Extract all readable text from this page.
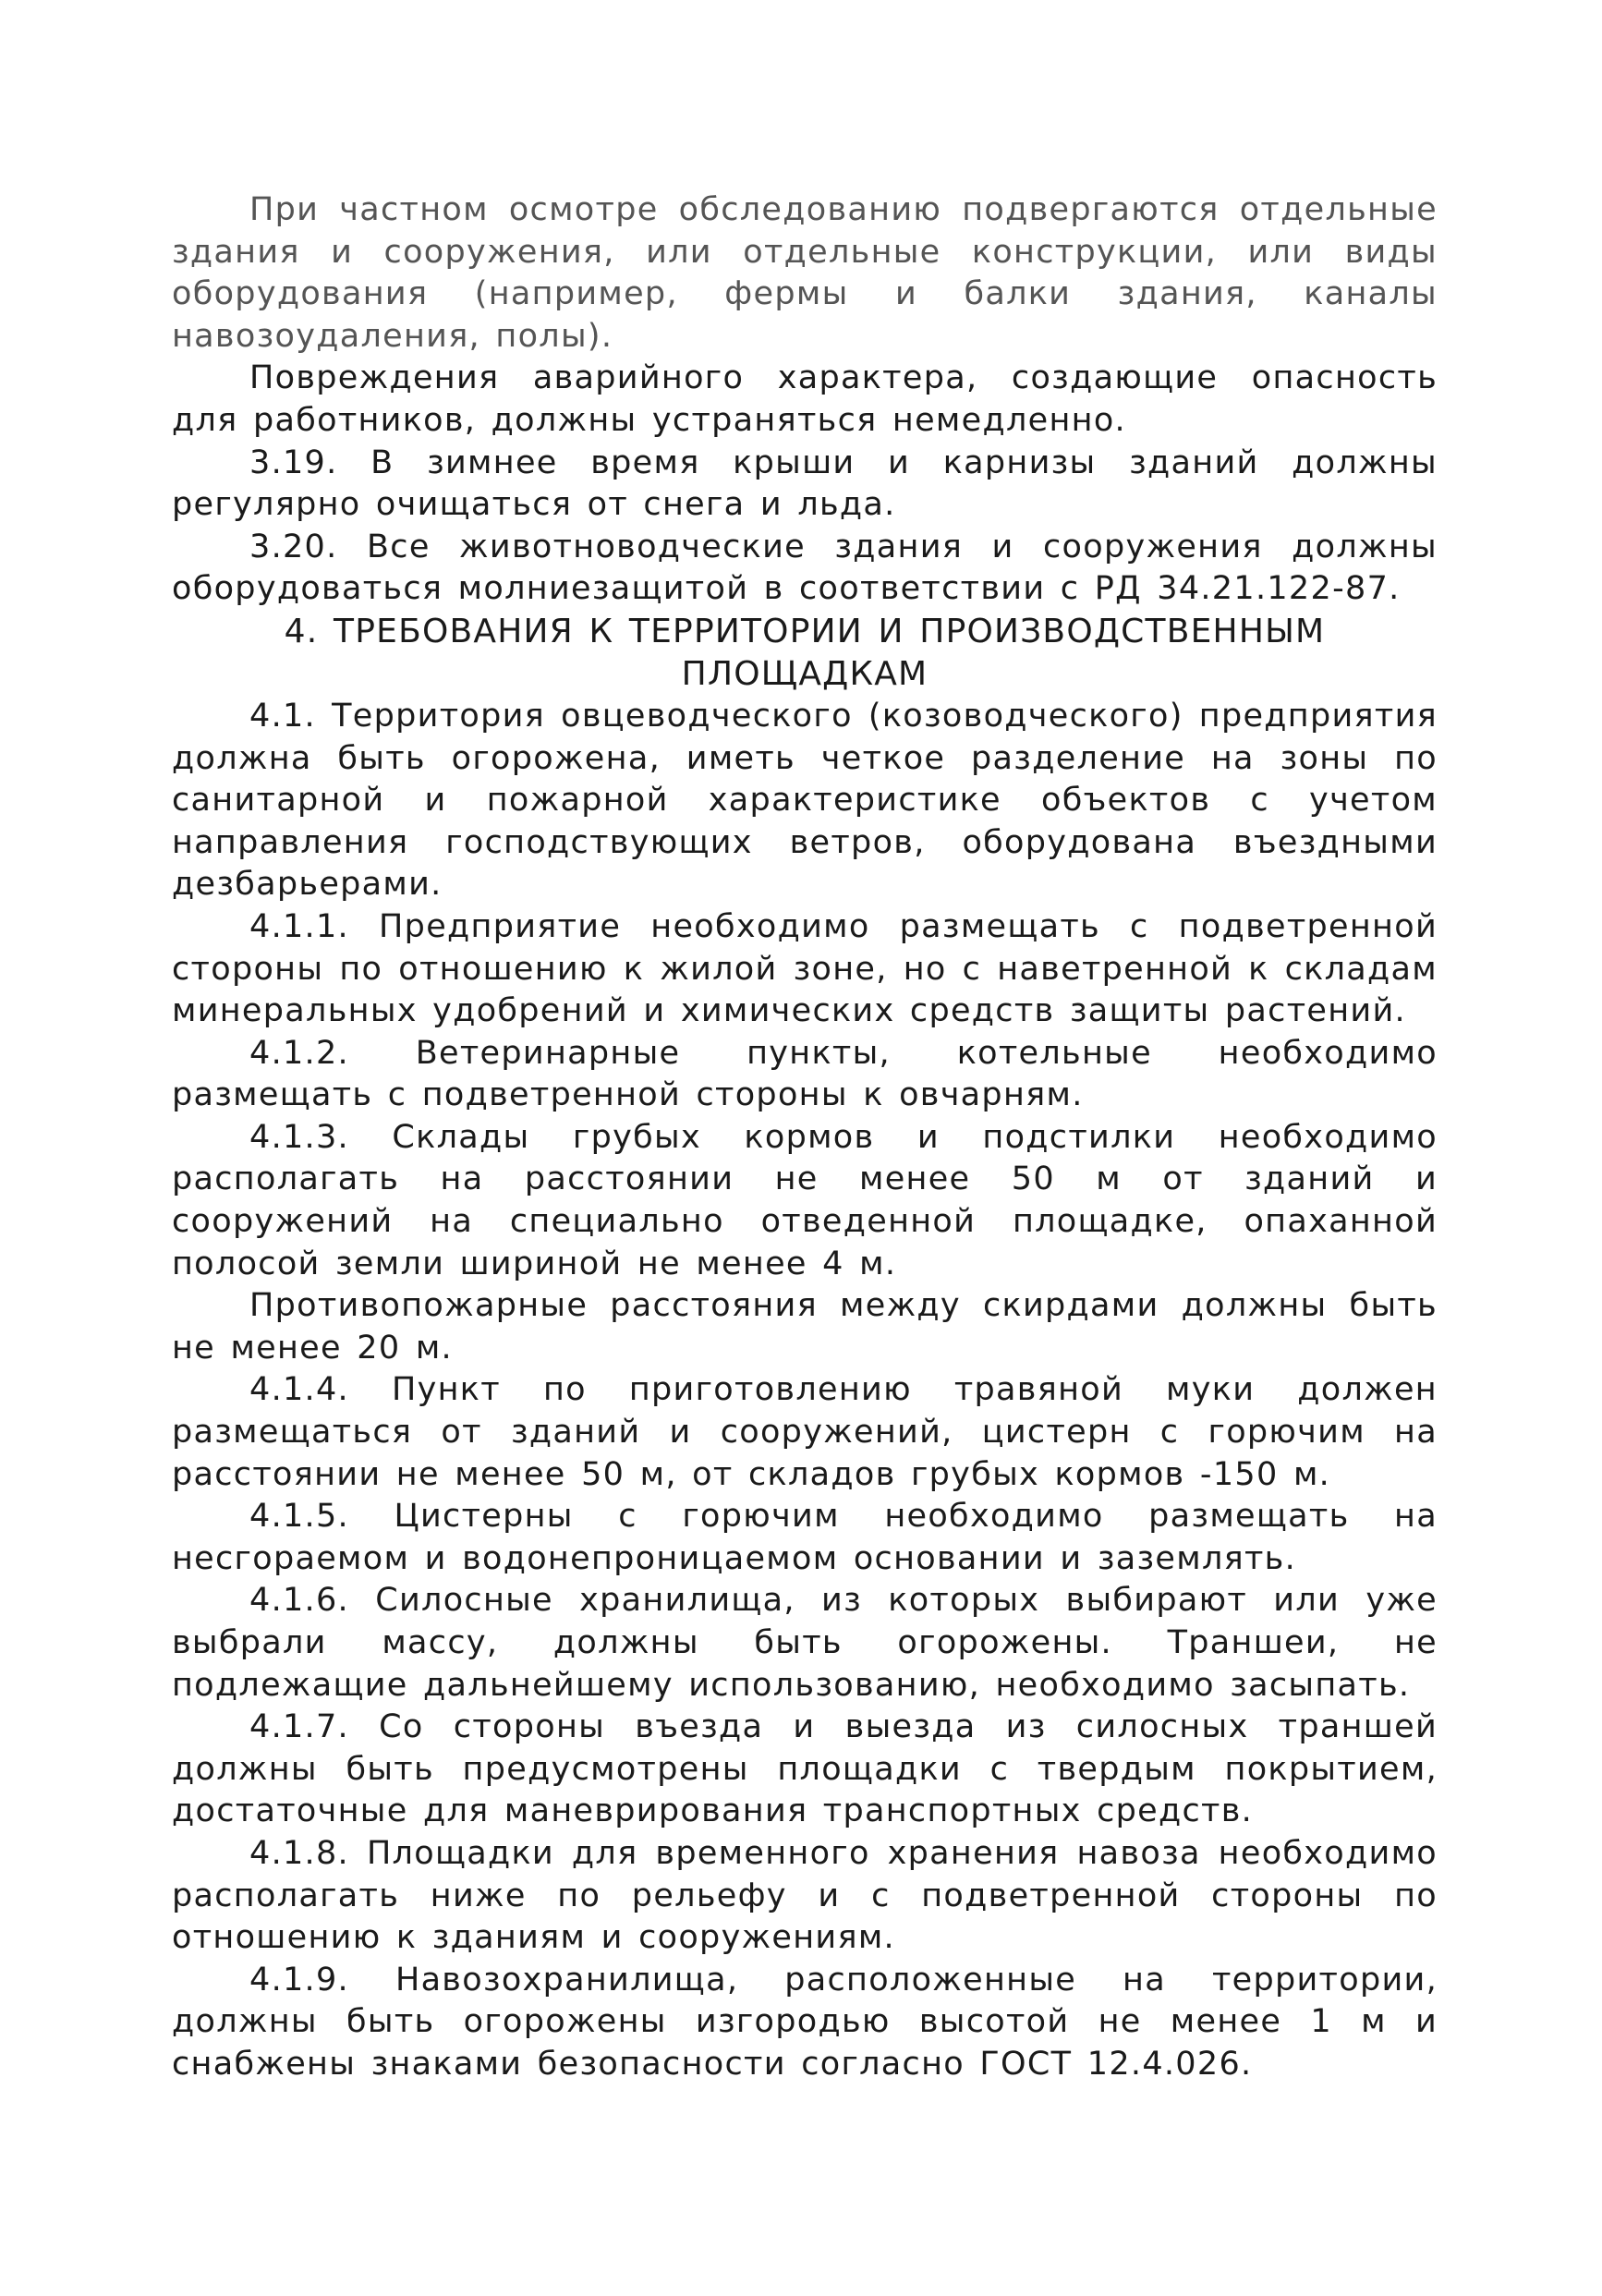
При частном осмотре обследованию подвергаются отдельные здания и сооружения, или отдельные конструкции, или виды оборудования (например, фермы и балки здания, каналы навозоудаления, полы).

Повреждения аварийного характера, создающие опасность для работников, должны устраняться немедленно.

3.19. В зимнее время крыши и карнизы зданий должны регулярно очищаться от снега и льда.

3.20. Все животноводческие здания и сооружения должны оборудоваться молниезащитой в соответствии с РД 34.21.122-87.

4. ТРЕБОВАНИЯ К ТЕРРИТОРИИ И ПРОИЗВОДСТВЕННЫМ
ПЛОЩАДКАМ

4.1. Территория овцеводческого (козоводческого) предприятия должна быть огорожена, иметь четкое разделение на зоны по санитарной и пожарной характеристике объектов с учетом направления господствующих ветров, оборудована въездными дезбарьерами.

4.1.1. Предприятие необходимо размещать с подветренной стороны по отношению к жилой зоне, но с наветренной к складам минеральных удобрений и химических средств защиты растений.

4.1.2. Ветеринарные пункты, котельные необходимо размещать с подветренной стороны к овчарням.

4.1.3. Склады грубых кормов и подстилки необходимо располагать на расстоянии не менее 50 м от зданий и сооружений на специально отведенной площадке, опаханной полосой земли шириной не менее 4 м.

Противопожарные расстояния между скирдами должны быть не менее 20 м.

4.1.4. Пункт по приготовлению травяной муки должен размещаться от зданий и сооружений, цистерн с горючим на расстоянии не менее 50 м, от складов грубых кормов -150 м.

4.1.5. Цистерны с горючим необходимо размещать на несгораемом и водонепроницаемом основании и заземлять.

4.1.6. Силосные хранилища, из которых выбирают или уже выбрали массу, должны быть огорожены. Траншеи, не подлежащие дальнейшему использованию, необходимо засыпать.

4.1.7. Со стороны въезда и выезда из силосных траншей должны быть предусмотрены площадки с твердым покрытием, достаточные для маневрирования транспортных средств.

4.1.8. Площадки для временного хранения навоза необходимо располагать ниже по рельефу и с подветренной стороны по отношению к зданиям и сооружениям.

4.1.9. Навозохранилища, расположенные на территории, должны быть огорожены изгородью высотой не менее 1 м и снабжены знаками безопасности согласно ГОСТ 12.4.026.
